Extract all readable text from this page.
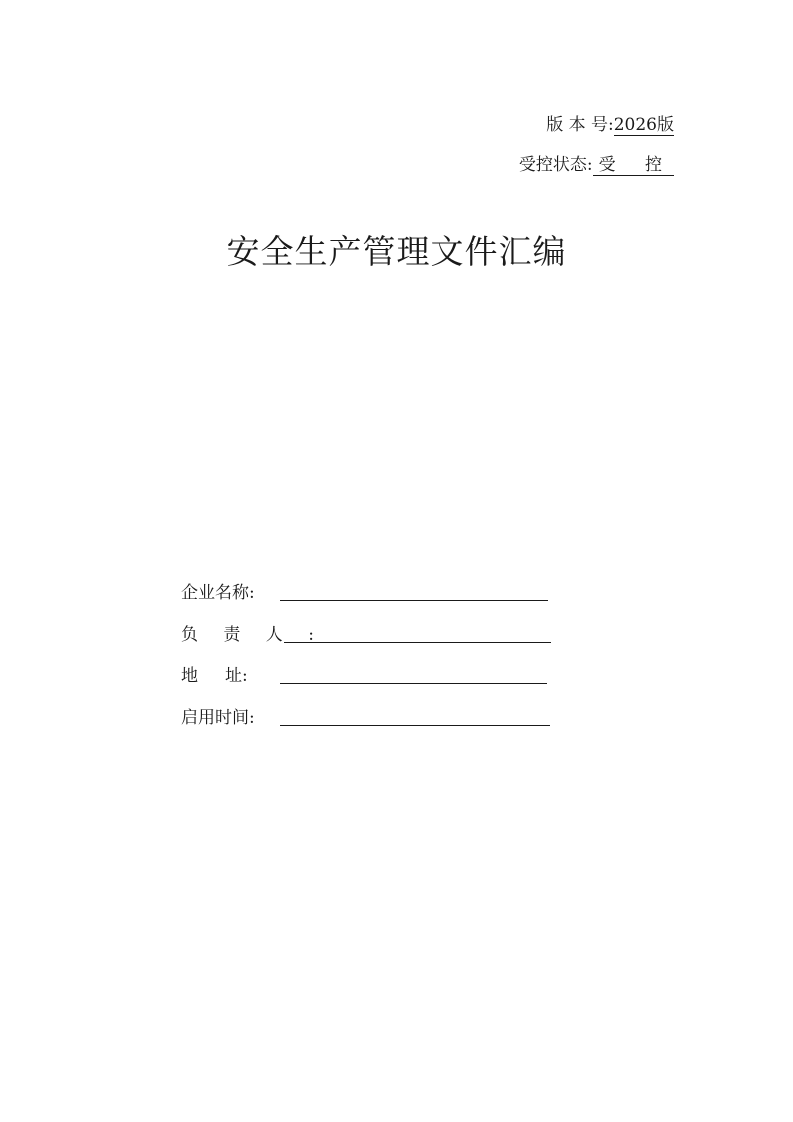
版 本 号:2026版
受控状态: 受 控
安全生产管理文件汇编
企业名称:
负 责 人 :
地     址:
启用时间:
